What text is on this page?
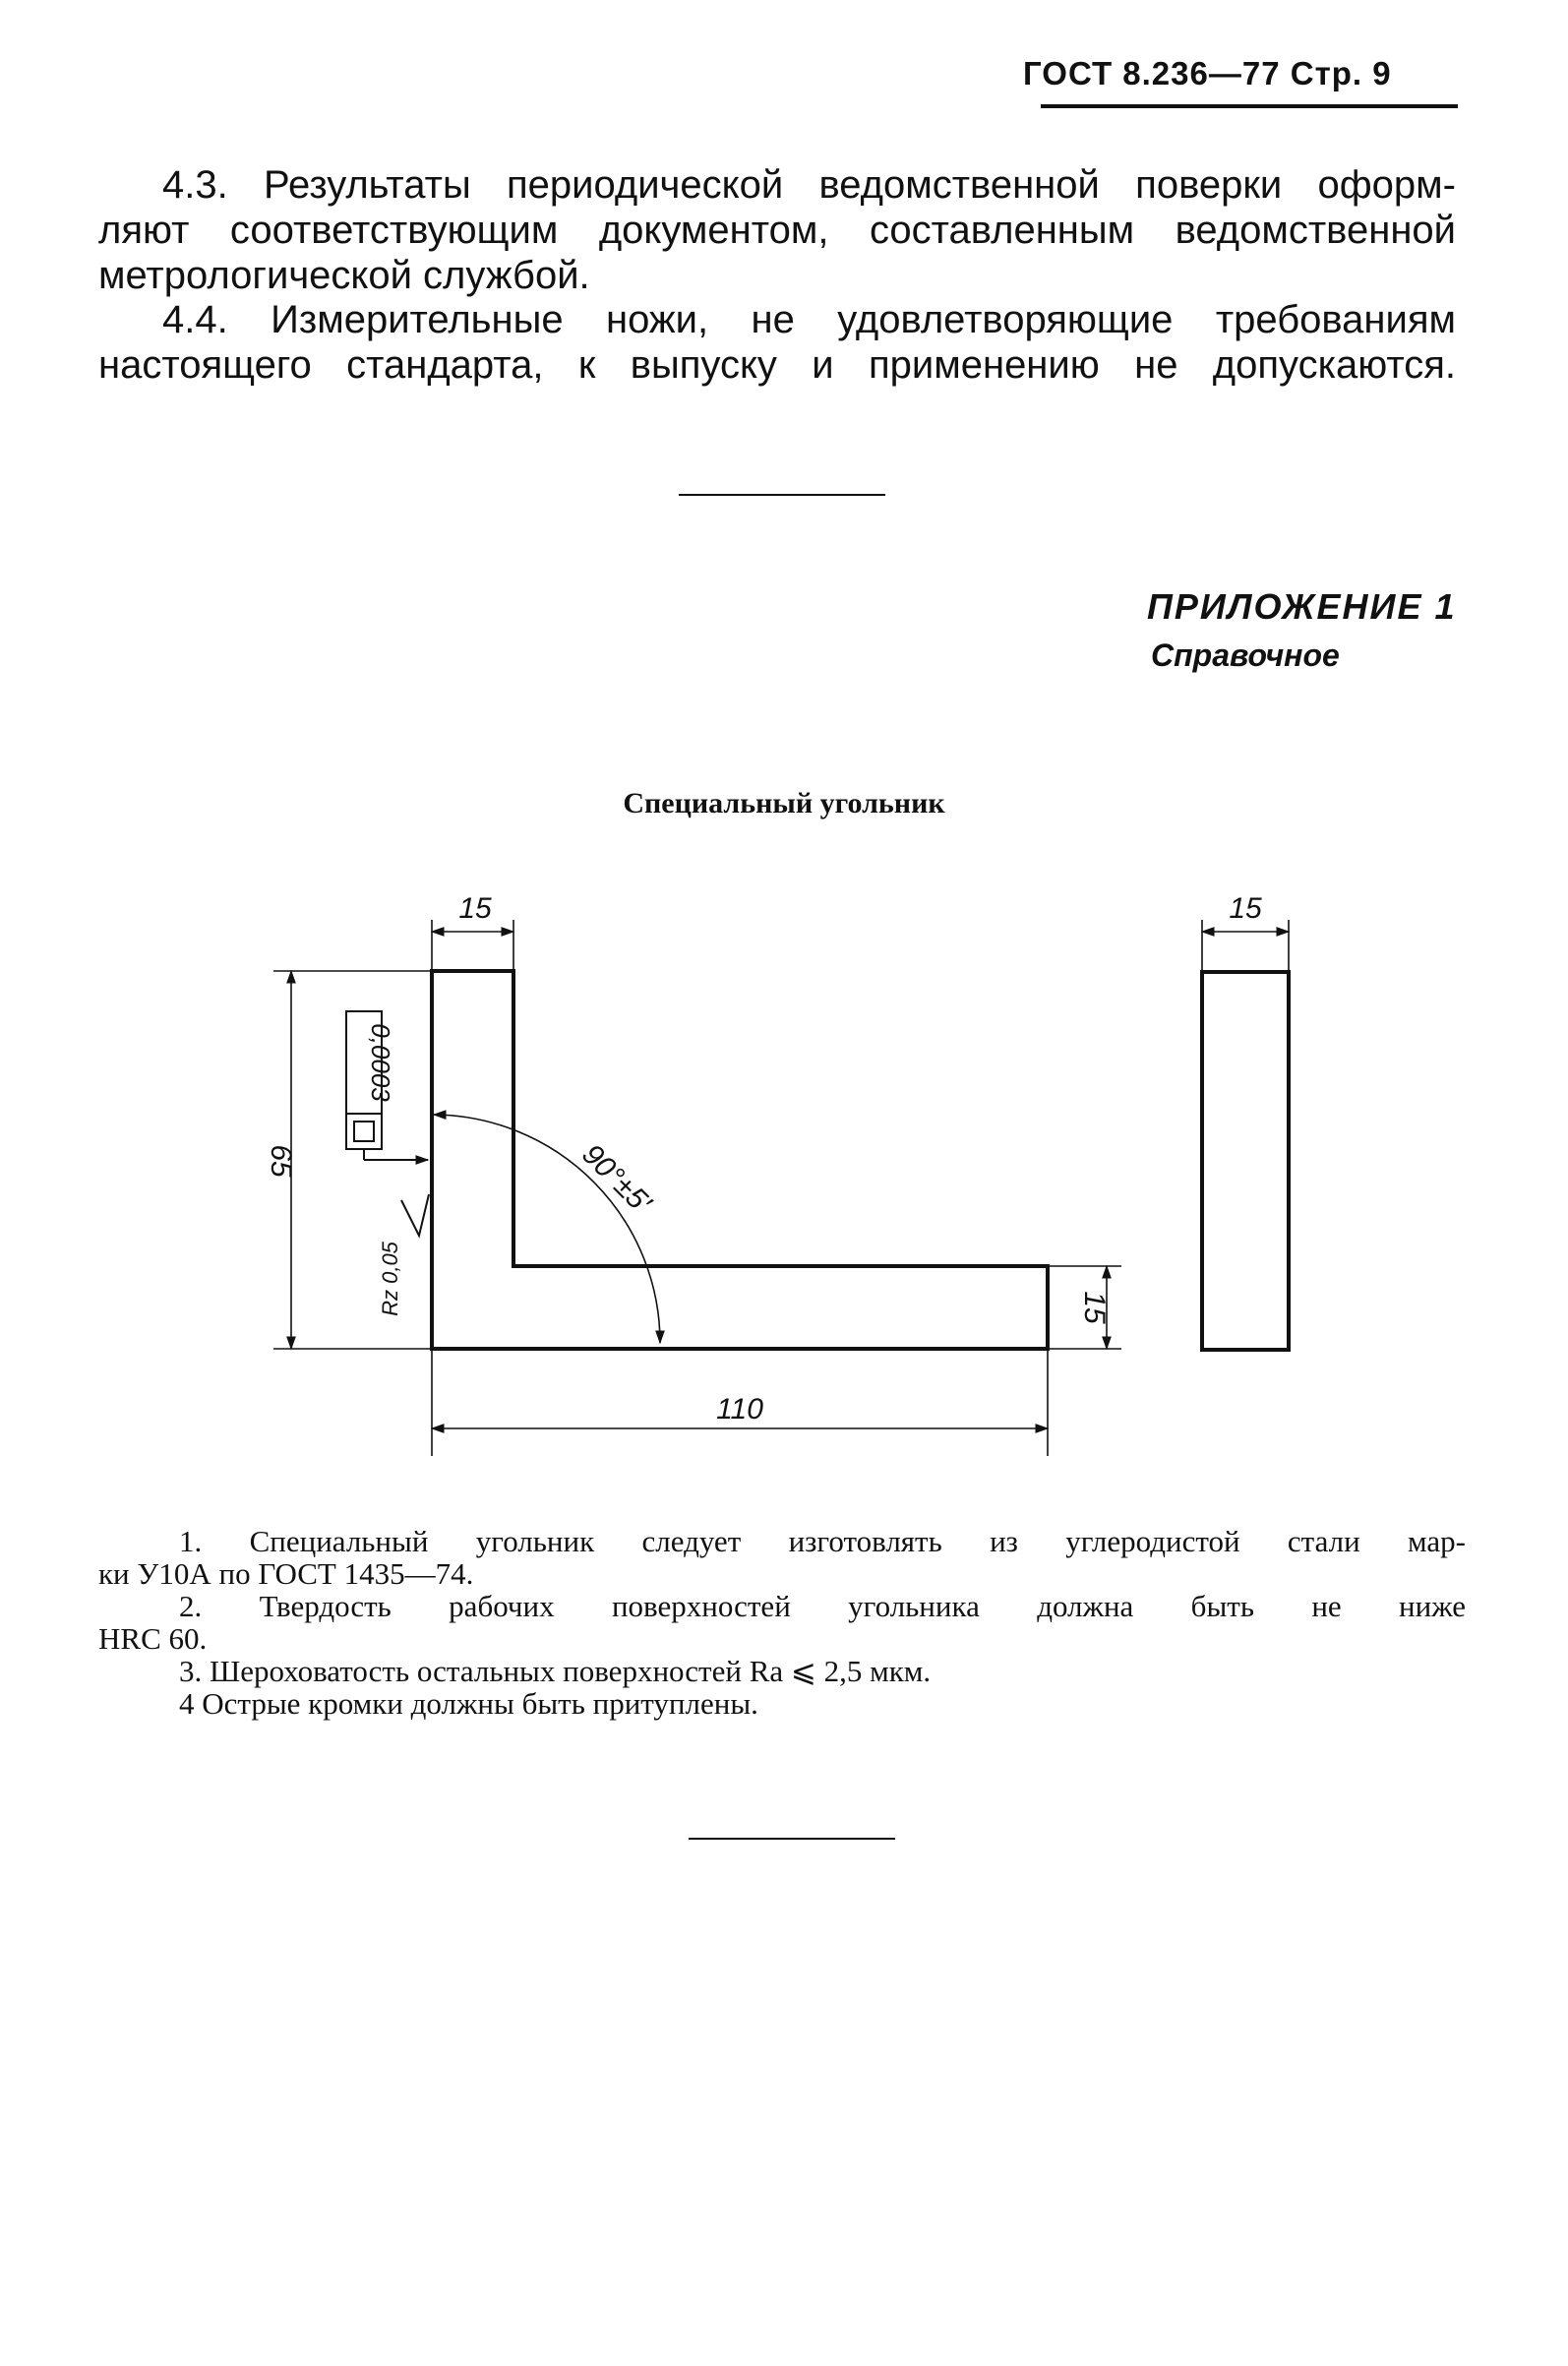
ГОСТ 8.236—77 Стр. 9
4.3. Результаты периодической ведомственной поверки оформ-
ляют соответствующим документом, составленным ведомственной
метрологической службой.
4.4. Измерительные ножи, не удовлетворяющие требованиям
настоящего стандарта, к выпуску и применению не допускаются.
ПРИЛОЖЕНИЕ 1
Справочное
Специальный угольник
15	15
65
110
15
90°±5′
0,0003
Rz 0,05
1. Специальный угольник следует изготовлять из углеродистой стали мар-
ки У10А по ГОСТ 1435—74.
2. Твердость рабочих поверхностей угольника должна быть не ниже
HRC 60.
3. Шероховатость остальных поверхностей Ra ⩽ 2,5 мкм.
4 Острые кромки должны быть притуплены.
